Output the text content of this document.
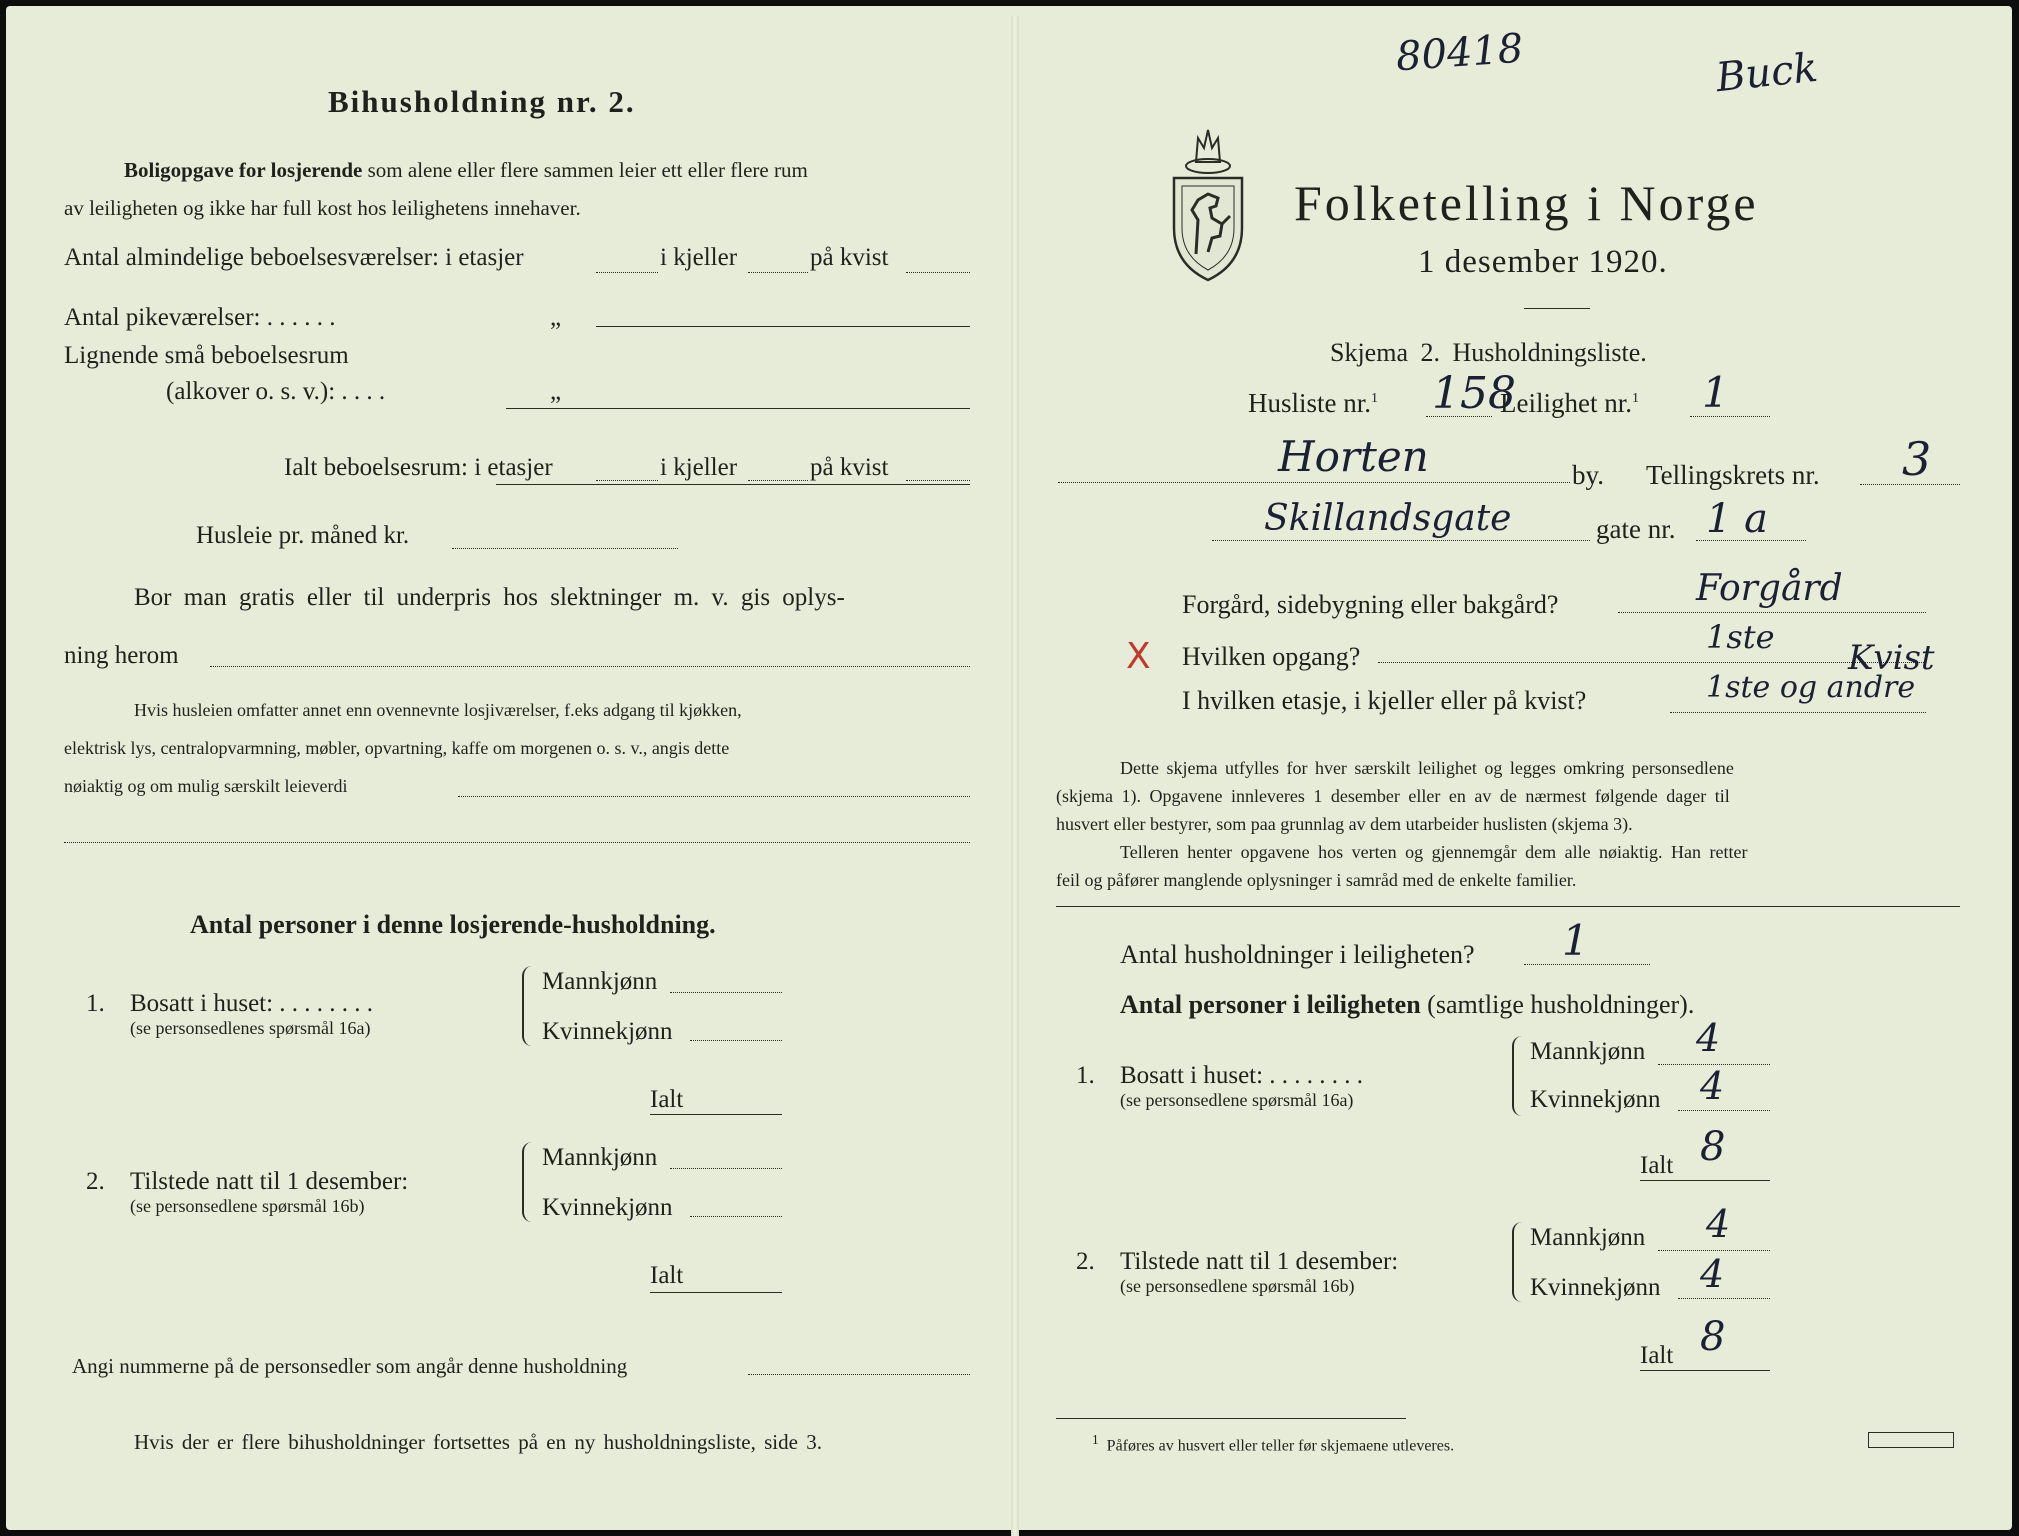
Bihusholdning nr. 2.
Boligopgave for losjerende som alene eller flere sammen leier ett eller flere rum
av leiligheten og ikke har full kost hos leilighetens innehaver.
Antal almindelige beboelsesværelser: i etasjer	i kjeller	på kvist
Antal pikeværelser: . . . . . .	„
Lignende små beboelsesrum
(alkover o. s. v.): . . . .	„
Ialt beboelsesrum: i etasjer	i kjeller	på kvist
Husleie pr. måned kr.
Bor man gratis eller til underpris hos slektninger m. v. gis oplys-
ning herom
Hvis husleien omfatter annet enn ovennevnte losjiværelser, f.eks adgang til kjøkken,
elektrisk lys, centralopvarmning, møbler, opvartning, kaffe om morgenen o. s. v., angis dette
nøiaktig og om mulig særskilt leieverdi
Antal personer i denne losjerende-husholdning.
1. Bosatt i huset: . . . . . . . .
(se personsedlenes spørsmål 16a)
Mannkjønn
Kvinnekjønn
Ialt
2. Tilstede natt til 1 desember:
(se personsedlene spørsmål 16b)
Mannkjønn
Kvinnekjønn
Ialt
Angi nummerne på de personsedler som angår denne husholdning
Hvis der er flere bihusholdninger fortsettes på en ny husholdningsliste, side 3.
80418	Buck
Folketelling i Norge
1 desember 1920.
Skjema 2. Husholdningsliste.
Husliste nr.$^1$ 158
Leilighet nr.$^1$ 1
Horten	by. Tellingskrets nr. 3
Skillandsgate	gate nr. 1 a
Forgård, sidebygning eller bakgård?	Forgård
X Hvilken opgang?
1ste
Kvist
I hvilken etasje, i kjeller eller på kvist?	1ste og andre
Dette skjema utfylles for hver særskilt leilighet og legges omkring personsedlene
(skjema 1). Opgavene innleveres 1 desember eller en av de nærmest følgende dager til
husvert eller bestyrer, som paa grunnlag av dem utarbeider huslisten (skjema 3).
Telleren henter opgavene hos verten og gjennemgår dem alle nøiaktig. Han retter
feil og påfører manglende oplysninger i samråd med de enkelte familier.
Antal husholdninger i leiligheten? 1
Antal personer i leiligheten (samtlige husholdninger).
1. Bosatt i huset: . . . . . . . .
(se personsedlene spørsmål 16a)
Mannkjønn 4
Kvinnekjønn 4
Ialt 8
2. Tilstede natt til 1 desember:
(se personsedlene spørsmål 16b)
Mannkjønn 4
Kvinnekjønn 4
Ialt 8
$^1$ Påføres av husvert eller teller før skjemaene utleveres.
